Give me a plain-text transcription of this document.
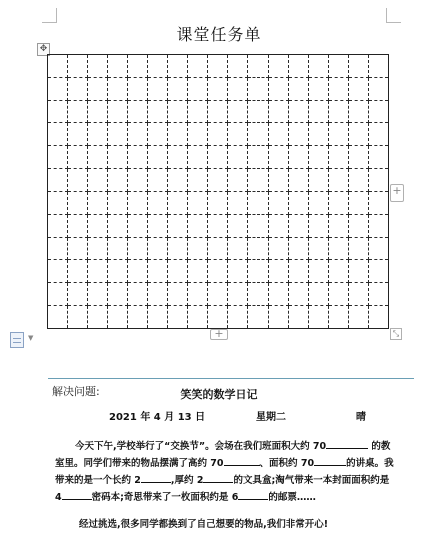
课堂任务单
✥

+
+	⤡
▼
解决问题:	笑笑的数学日记
2021 年 4 月 13 日	星期二	晴
今天下午,学校举行了“交换节”。会场在我们班面积大约 70	的教室里。同学们带来的物品摆满了高约 70	、面积约 70	的讲桌。我带来的是一个长约 2	,厚约 2	的文具盒;淘气带来一本封面面积约是 4	密码本;奇思带来了一枚面积约是 6	的邮票……
经过挑选,很多同学都换到了自己想要的物品,我们非常开心!
